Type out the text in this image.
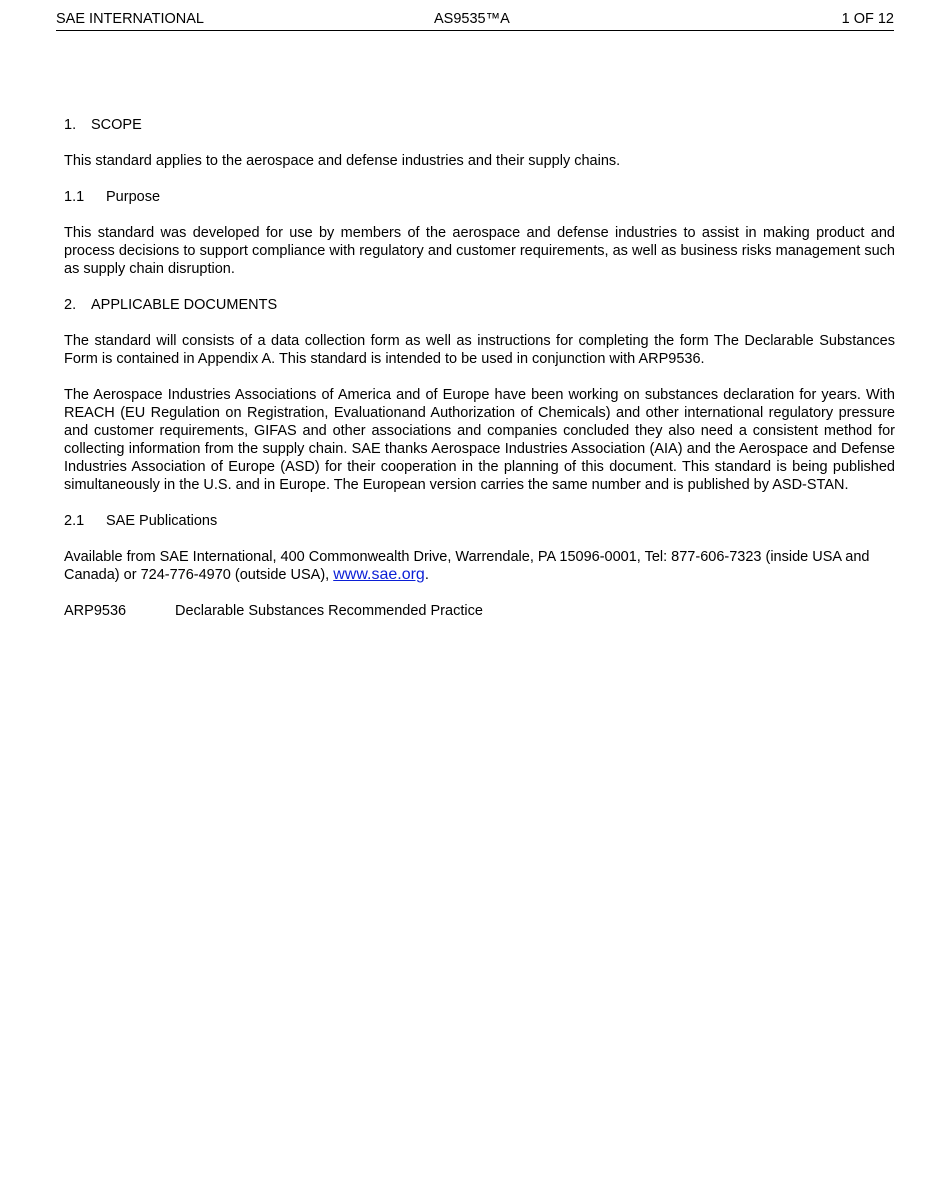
SAE INTERNATIONAL	AS9535™A	1 OF 12
1. SCOPE

This standard applies to the aerospace and defense industries and their supply chains.

1.1 Purpose

This standard was developed for use by members of the aerospace and defense industries to assist in making product and process decisions to support compliance with regulatory and customer requirements, as well as business risks management such as supply chain disruption.

2. APPLICABLE DOCUMENTS

The standard will consists of a data collection form as well as instructions for completing the form The Declarable Substances Form is contained in Appendix A. This standard is intended to be used in conjunction with ARP9536.

The Aerospace Industries Associations of America and of Europe have been working on substances declaration for years. With REACH (EU Regulation on Registration, Evaluationand Authorization of Chemicals) and other international regulatory pressure and customer requirements, GIFAS and other associations and companies concluded they also need a consistent method for collecting information from the supply chain. SAE thanks Aerospace Industries Association (AIA) and the Aerospace and Defense Industries Association of Europe (ASD) for their cooperation in the planning of this document. This standard is being published simultaneously in the U.S. and in Europe. The European version carries the same number and is published by ASD-STAN.

2.1 SAE Publications

Available from SAE International, 400 Commonwealth Drive, Warrendale, PA 15096-0001, Tel: 877-606-7323 (inside USA and Canada) or 724-776-4970 (outside USA), www.sae.org.

ARP9536	Declarable Substances Recommended Practice
